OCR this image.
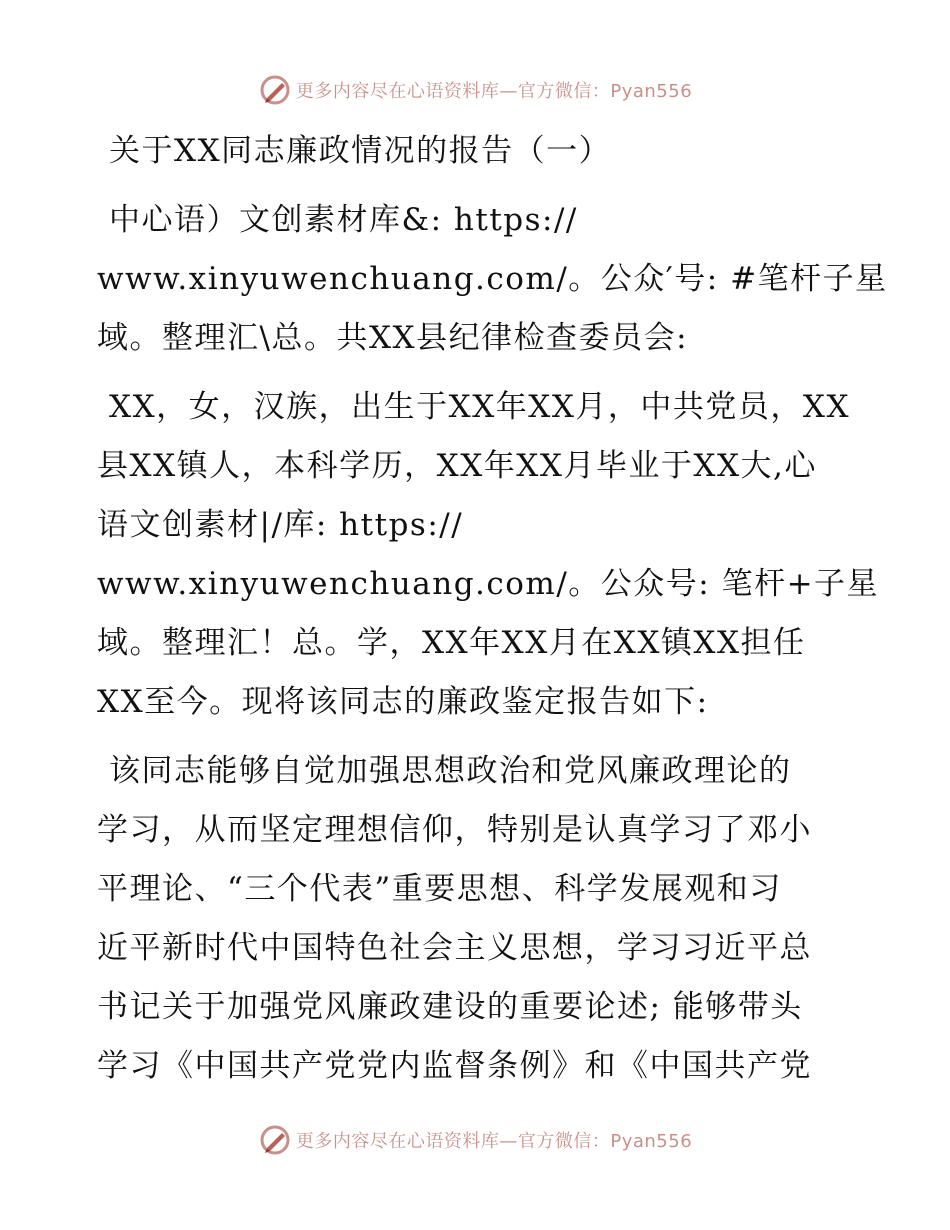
更多内容尽在心语资料库—官方微信：Pyan556
关于XX同志廉政情况的报告（一）
中心语）文创素材库&: https://
www.xinyuwenchuang.com/。公众′号: #笔杆子星
域。整理汇\总。共XX县纪律检查委员会:
XX，女，汉族，出生于XX年XX月，中共党员，XX
县XX镇人，本科学历，XX年XX月毕业于XX大,心
语文创素材|/库: https://
www.xinyuwenchuang.com/。公众号: 笔杆+子星
域。整理汇！总。学，XX年XX月在XX镇XX担任
XX至今。现将该同志的廉政鉴定报告如下:
该同志能够自觉加强思想政治和党风廉政理论的
学习，从而坚定理想信仰，特别是认真学习了邓小
平理论、“三个代表”重要思想、科学发展观和习
近平新时代中国特色社会主义思想，学习习近平总
书记关于加强党风廉政建设的重要论述; 能够带头
学习《中国共产党党内监督条例》和《中国共产党
更多内容尽在心语资料库—官方微信：Pyan556
